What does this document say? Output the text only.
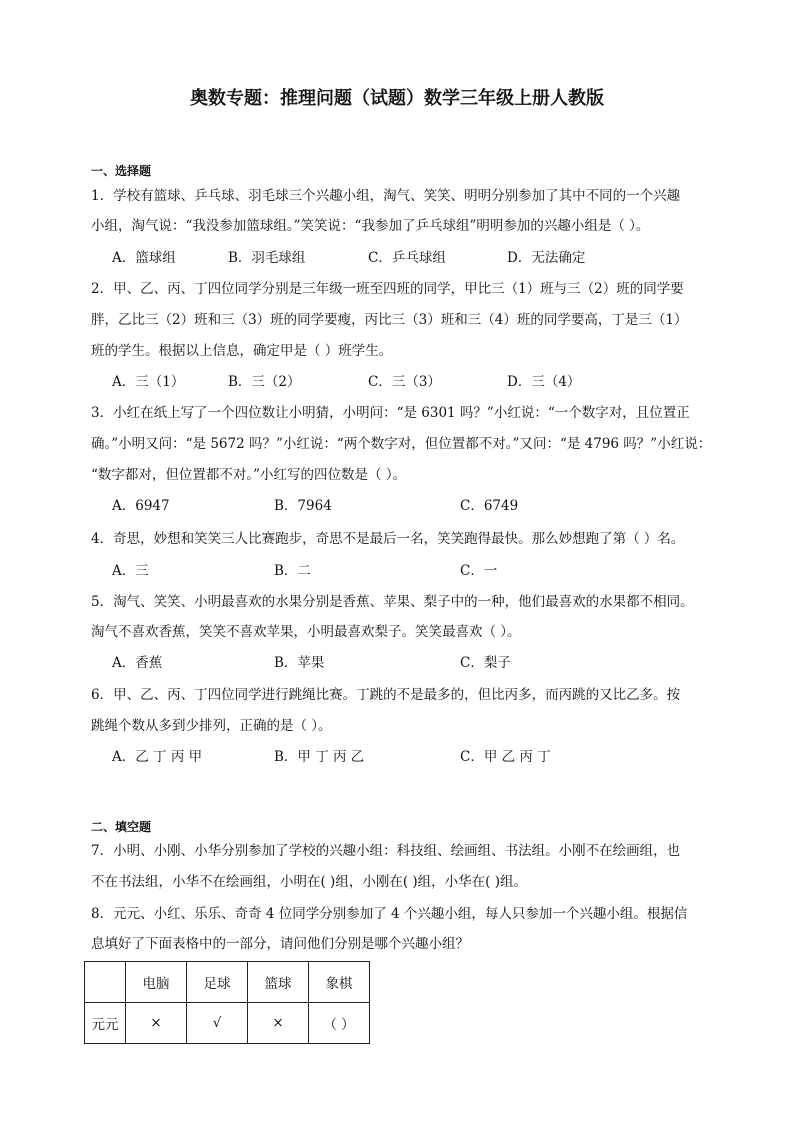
奥数专题：推理问题（试题）数学三年级上册人教版
一、选择题
1．学校有篮球、乒乓球、羽毛球三个兴趣小组，淘气、笑笑、明明分别参加了其中不同的一个兴趣
小组，淘气说：“我没参加篮球组。”笑笑说：“我参加了乒乓球组”明明参加的兴趣小组是（ ）。
A．篮球组	B．羽毛球组	C．乒乓球组	D．无法确定
2．甲、乙、丙、丁四位同学分别是三年级一班至四班的同学，甲比三（1）班与三（2）班的同学要
胖，乙比三（2）班和三（3）班的同学要瘦，丙比三（3）班和三（4）班的同学要高，丁是三（1）
班的学生。根据以上信息，确定甲是（ ）班学生。
A．三（1）	B．三（2）	C．三（3）	D．三（4）
3．小红在纸上写了一个四位数让小明猜，小明问：“是 6301 吗？”小红说：“一个数字对，且位置正
确。”小明又问：“是 5672 吗？”小红说：“两个数字对，但位置都不对。”又问：“是 4796 吗？”小红说：
“数字都对，但位置都不对。”小红写的四位数是（ ）。
A．6947	B．7964	C．6749
4．奇思，妙想和笑笑三人比赛跑步，奇思不是最后一名，笑笑跑得最快。那么妙想跑了第（ ）名。
A．三	B．二	C．一
5．淘气、笑笑、小明最喜欢的水果分别是香蕉、苹果、梨子中的一种，他们最喜欢的水果都不相同。
淘气不喜欢香蕉，笑笑不喜欢苹果，小明最喜欢梨子。笑笑最喜欢（ ）。
A．香蕉	B．苹果	C．梨子
6．甲、乙、丙、丁四位同学进行跳绳比赛。丁跳的不是最多的，但比丙多，而丙跳的又比乙多。按
跳绳个数从多到少排列，正确的是（ ）。
A．乙 丁 丙 甲	B．甲 丁 丙 乙	C．甲 乙 丙 丁
二、填空题
7．小明、小刚、小华分别参加了学校的兴趣小组：科技组、绘画组、书法组。小刚不在绘画组，也
不在书法组，小华不在绘画组，小明在( )组，小刚在( )组，小华在( )组。
8．元元、小红、乐乐、奇奇 4 位同学分别参加了 4 个兴趣小组，每人只参加一个兴趣小组。根据信
息填好了下面表格中的一部分，请问他们分别是哪个兴趣小组？
	电脑	足球	篮球	象棋
元元	×	√	×	（ ）
